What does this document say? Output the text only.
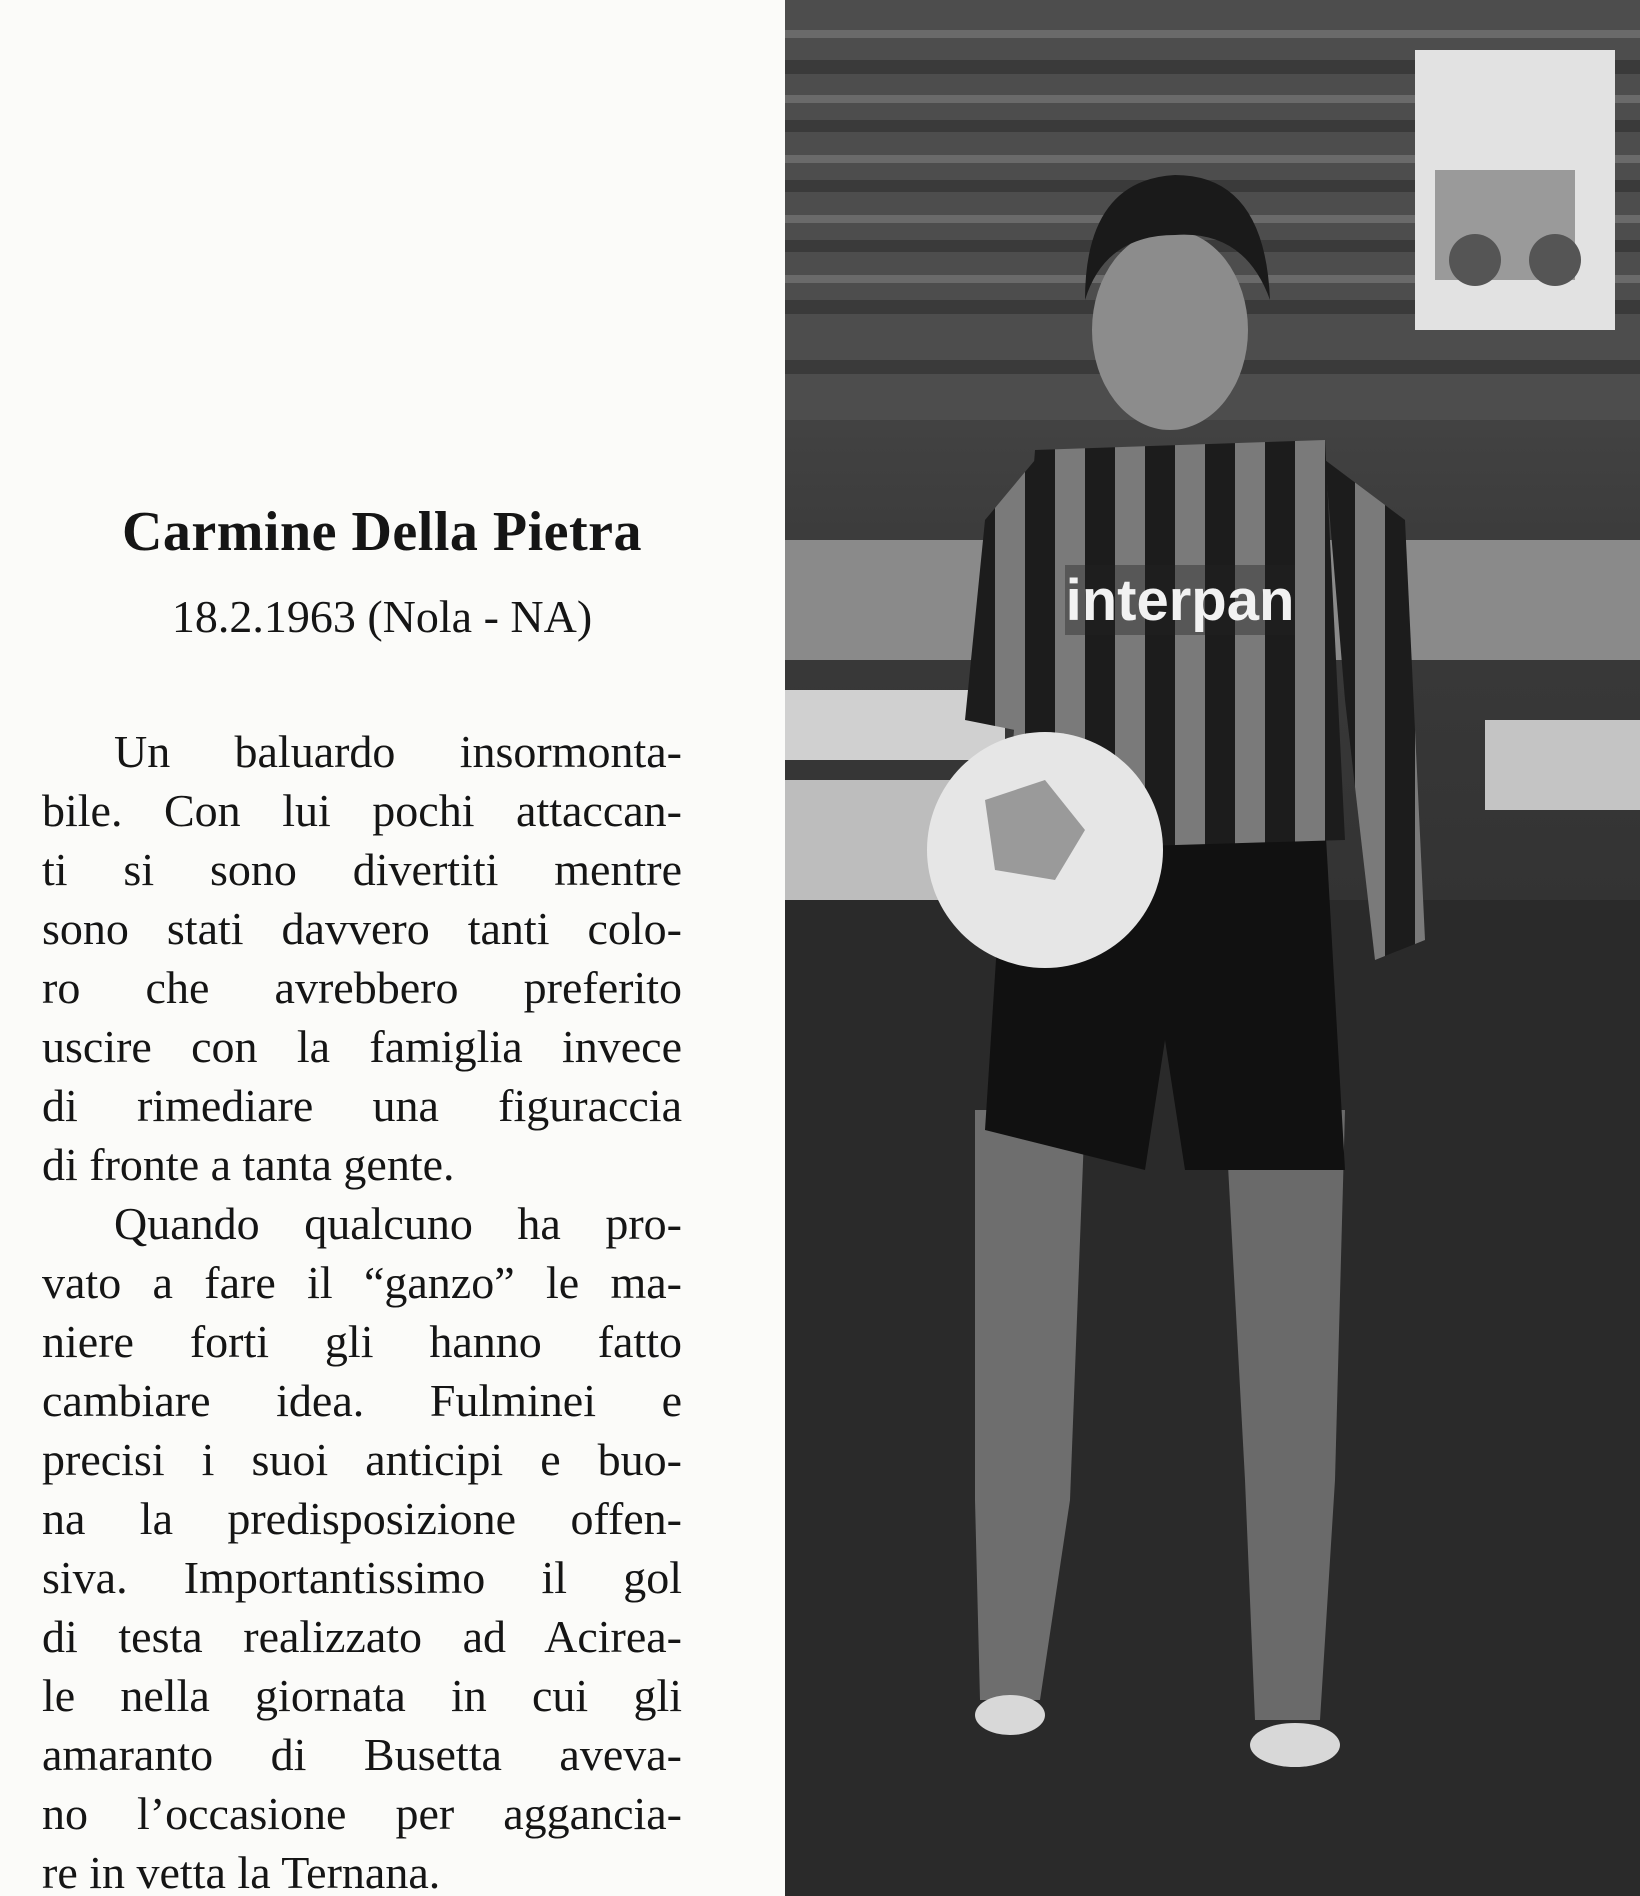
Carmine Della Pietra

18.2.1963 (Nola - NA)

Un baluardo insormonta-
bile. Con lui pochi attaccan-
ti si sono divertiti mentre
sono stati davvero tanti colo-
ro che avrebbero preferito
uscire con la famiglia invece
di rimediare una figuraccia
di fronte a tanta gente.
Quando qualcuno ha pro-
vato a fare il “ganzo” le ma-
niere forti gli hanno fatto
cambiare idea. Fulminei e
precisi i suoi anticipi e buo-
na la predisposizione offen-
siva. Importantissimo il gol
di testa realizzato ad Acirea-
le nella giornata in cui gli
amaranto di Busetta aveva-
no l’occasione per aggancia-
re in vetta la Ternana.
interpan
